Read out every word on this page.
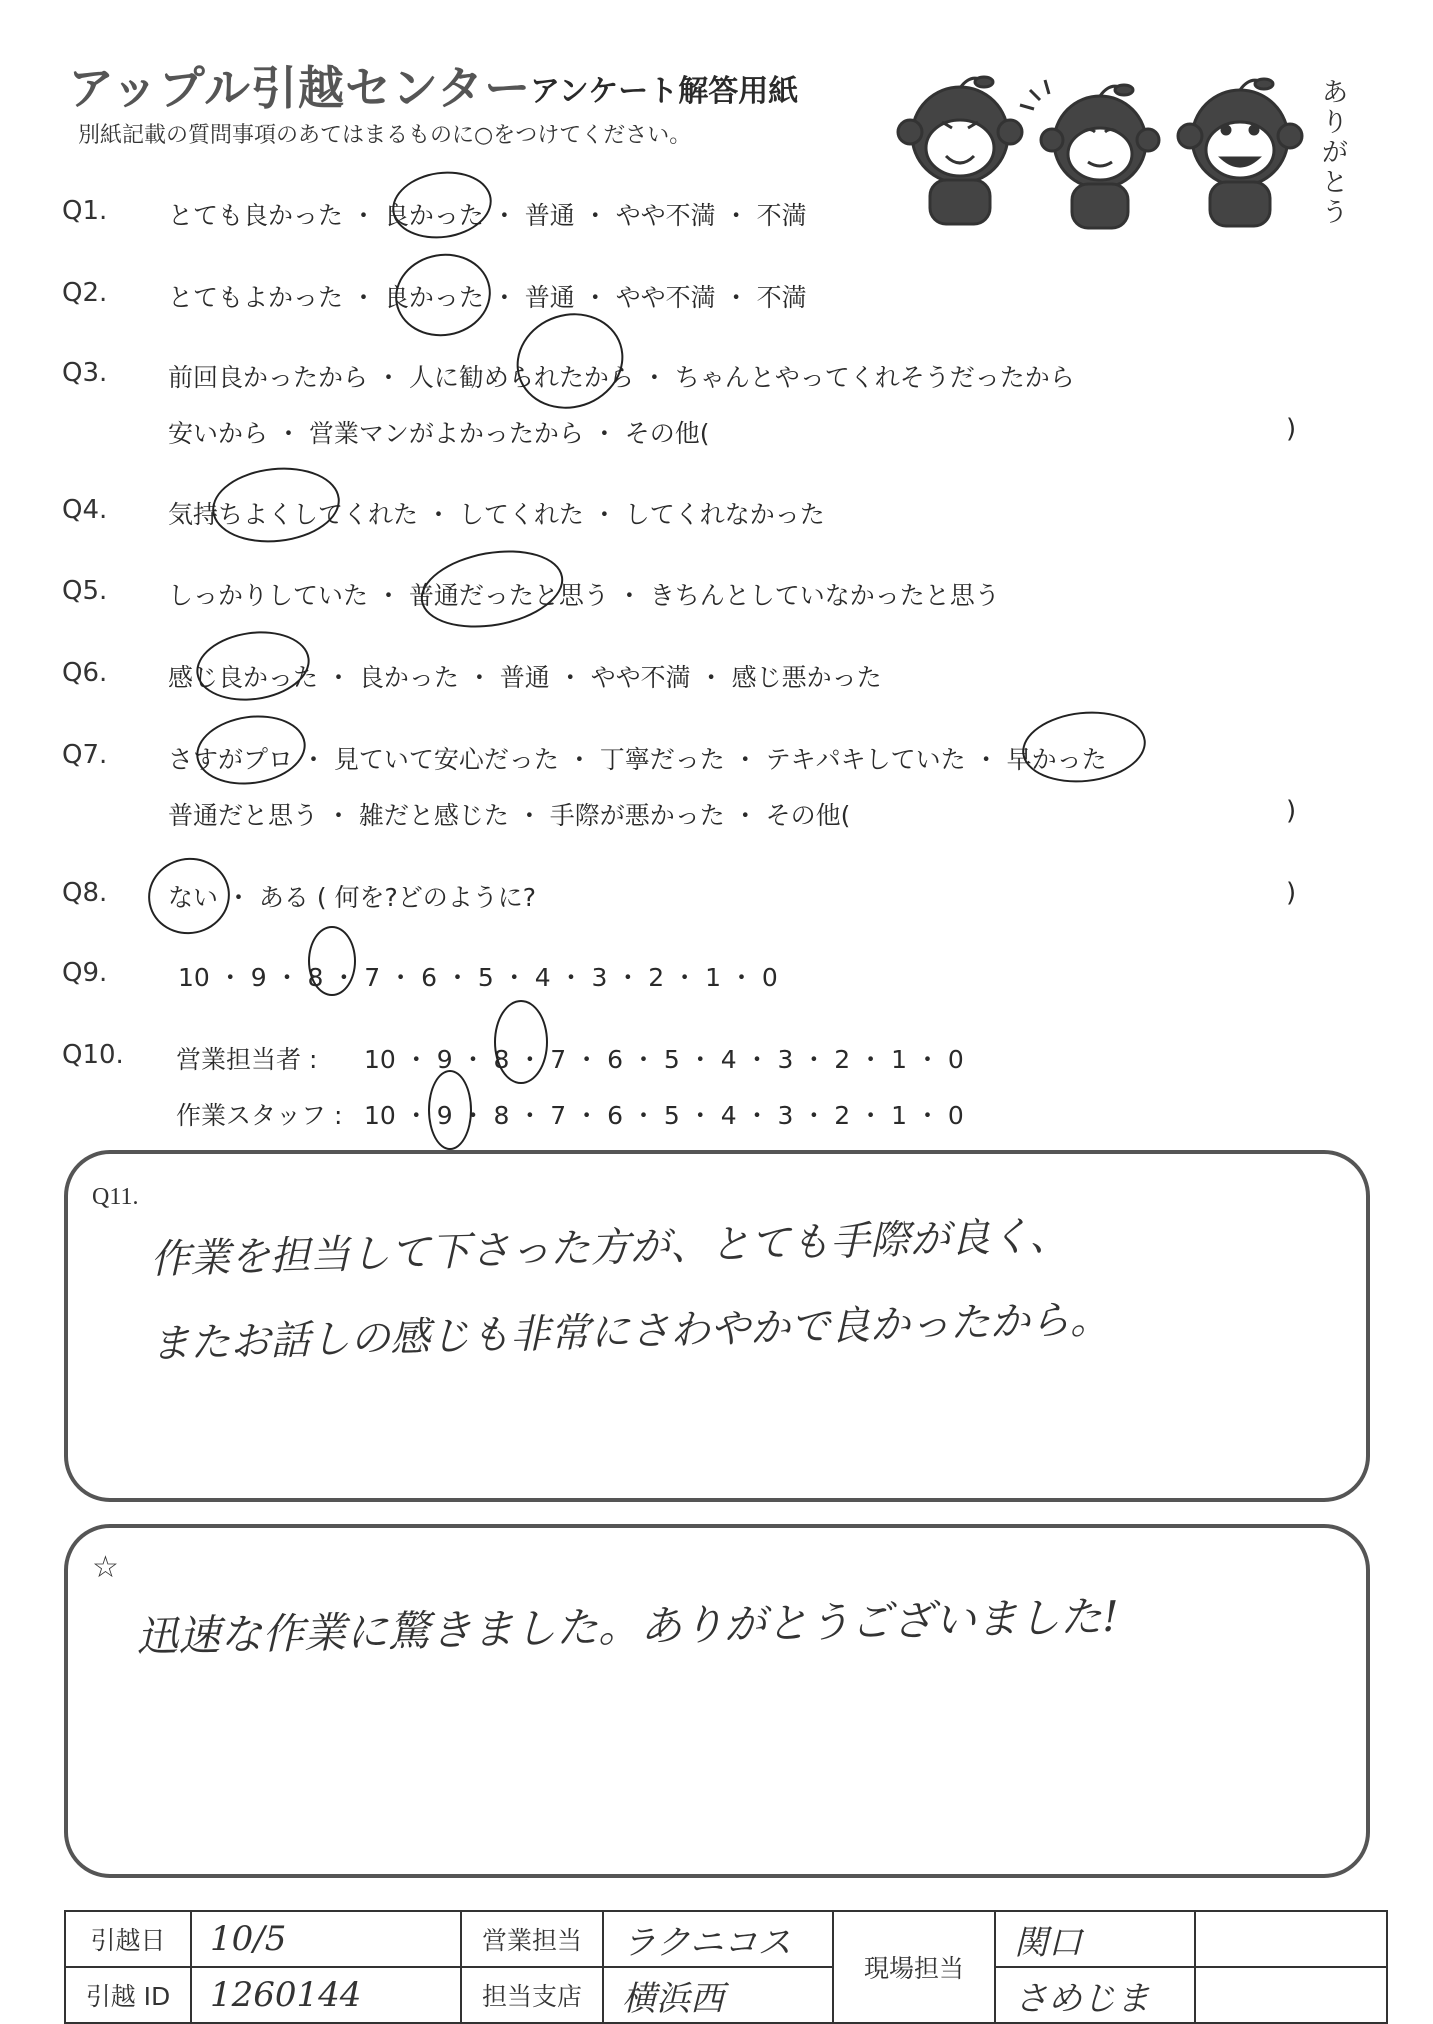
アップル引越センター
アンケート解答用紙
別紙記載の質問事項のあてはまるものに○をつけてください。
ありがとう
Q1. とても良かった ・ 良かった ・ 普通 ・ やや不満 ・ 不満
Q2. とてもよかった ・ 良かった ・ 普通 ・ やや不満 ・ 不満
Q3. 前回良かったから ・ 人に勧められたから ・ ちゃんとやってくれそうだったから
安いから ・ 営業マンがよかったから ・ その他(	)
Q4. 気持ちよくしてくれた ・ してくれた ・ してくれなかった
Q5. しっかりしていた ・ 普通だったと思う ・ きちんとしていなかったと思う
Q6. 感じ良かった ・ 良かった ・ 普通 ・ やや不満 ・ 感じ悪かった
Q7. さすがプロ ・ 見ていて安心だった ・ 丁寧だった ・ テキパキしていた ・ 早かった
普通だと思う ・ 雑だと感じた ・ 手際が悪かった ・ その他(	)
Q8. ない ・ ある ( 何を?どのように?	)
Q9.	10 ・ 9 ・ 8 ・ 7 ・ 6 ・ 5 ・ 4 ・ 3 ・ 2 ・ 1 ・ 0
Q10. 営業担当者 : 10 ・ 9 ・ 8 ・ 7 ・ 6 ・ 5 ・ 4 ・ 3 ・ 2 ・ 1 ・ 0
作業スタッフ : 10 ・ 9 ・ 8 ・ 7 ・ 6 ・ 5 ・ 4 ・ 3 ・ 2 ・ 1 ・ 0
Q11.
作業を担当して下さった方が、とても手際が良く、
またお話しの感じも非常にさわやかで良かったから。
☆
迅速な作業に驚きました。ありがとうございました!
引越日	10/5	営業担当	ラクニコス	現場担当	関口	
引越 ID	1260144	担当支店	横浜西		さめじま	
